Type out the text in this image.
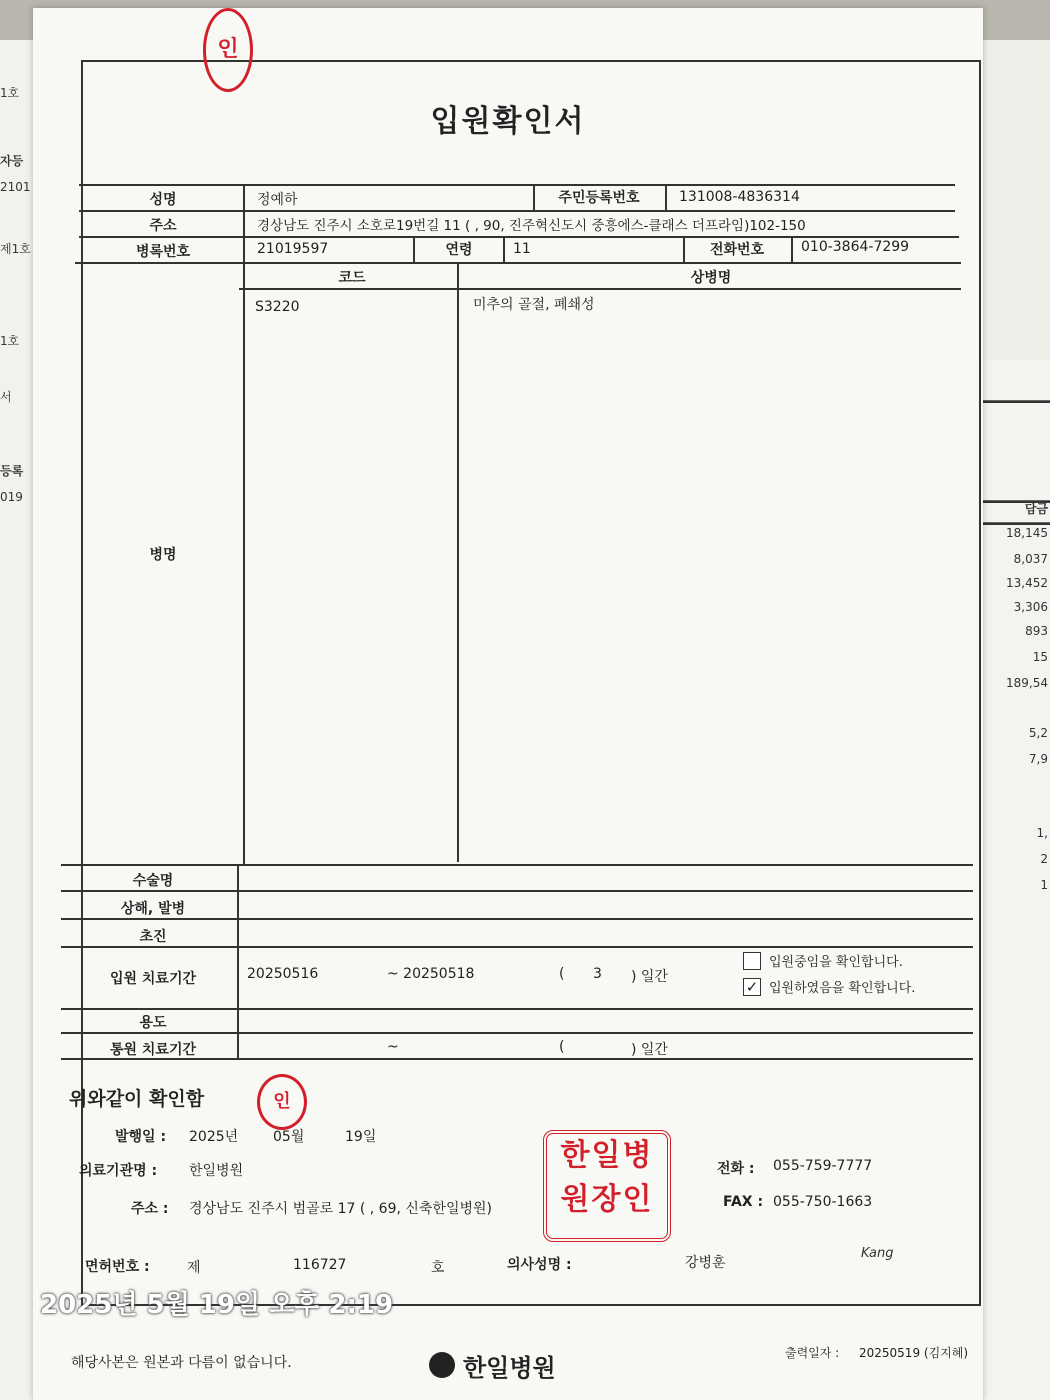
1호
자등
2101
제1호
1호
서
등록
019
담금
18,145
8,037
13,452
3,306
893
15
189,54
5,2
7,9
1,
2
1
인
입원확인서
성명	정예하	주민등록번호	131008-4836314
주소	경상남도 진주시 소호로19번길 11 ( , 90, 진주혁신도시 중흥에스-클래스 더프라임)102-150
병록번호	21019597	연령	11	전화번호	010-3864-7299
코드	상병명
병명
S3220	미추의 골절, 폐쇄성
수술명
상해, 발병
초진
입원 치료기간	20250516	~ 20250518	( 3 ) 일간
입원중임을 확인합니다.
✓ 입원하였음을 확인합니다.
용도
통원 치료기간	~	(	) 일간
위와같이 확인함	인
발행일 : 2025년 05월	19일
의료기관명 : 한일병원
주소 : 경상남도 진주시 범골로 17 ( , 69, 신축한일병원)
한일병
원장인
전화 : 055-759-7777
FAX : 055-750-1663
면허번호 :	제	116727	호	의사성명 :	강병훈
Kang
해당사본은 원본과 다름이 없습니다.	한일병원
출력일자 : 20250519 (김지혜)
2025년 5월 19일 오후 2:19
